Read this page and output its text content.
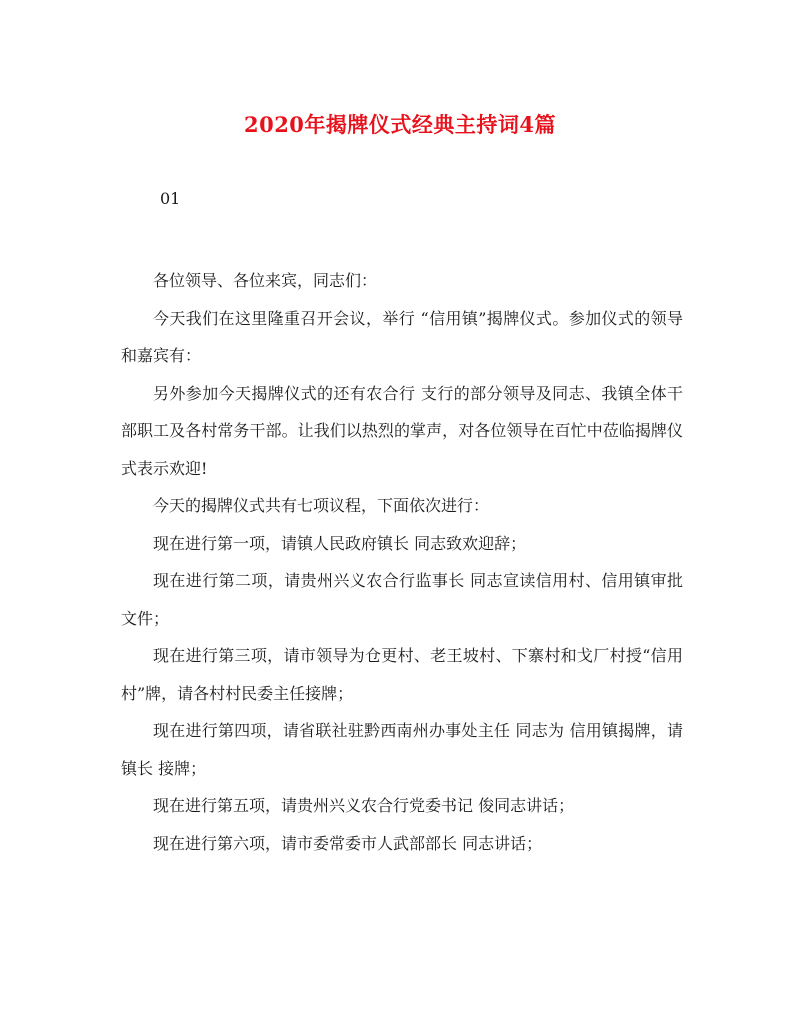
2020年揭牌仪式经典主持词4篇
01

各位领导、各位来宾，同志们：

今天我们在这里隆重召开会议，举行 “信用镇”揭牌仪式。参加仪式的领导和嘉宾有：

另外参加今天揭牌仪式的还有农合行 支行的部分领导及同志、我镇全体干部职工及各村常务干部。让我们以热烈的掌声，对各位领导在百忙中莅临揭牌仪式表示欢迎!

今天的揭牌仪式共有七项议程，下面依次进行：

现在进行第一项，请镇人民政府镇长 同志致欢迎辞；

现在进行第二项，请贵州兴义农合行监事长 同志宣读信用村、信用镇审批文件；

现在进行第三项，请市领导为仓更村、老王坡村、下寨村和戈厂村授“信用村”牌，请各村村民委主任接牌；

现在进行第四项，请省联社驻黔西南州办事处主任 同志为 信用镇揭牌，请镇长 接牌；

现在进行第五项，请贵州兴义农合行党委书记 俊同志讲话；

现在进行第六项，请市委常委市人武部部长 同志讲话；
